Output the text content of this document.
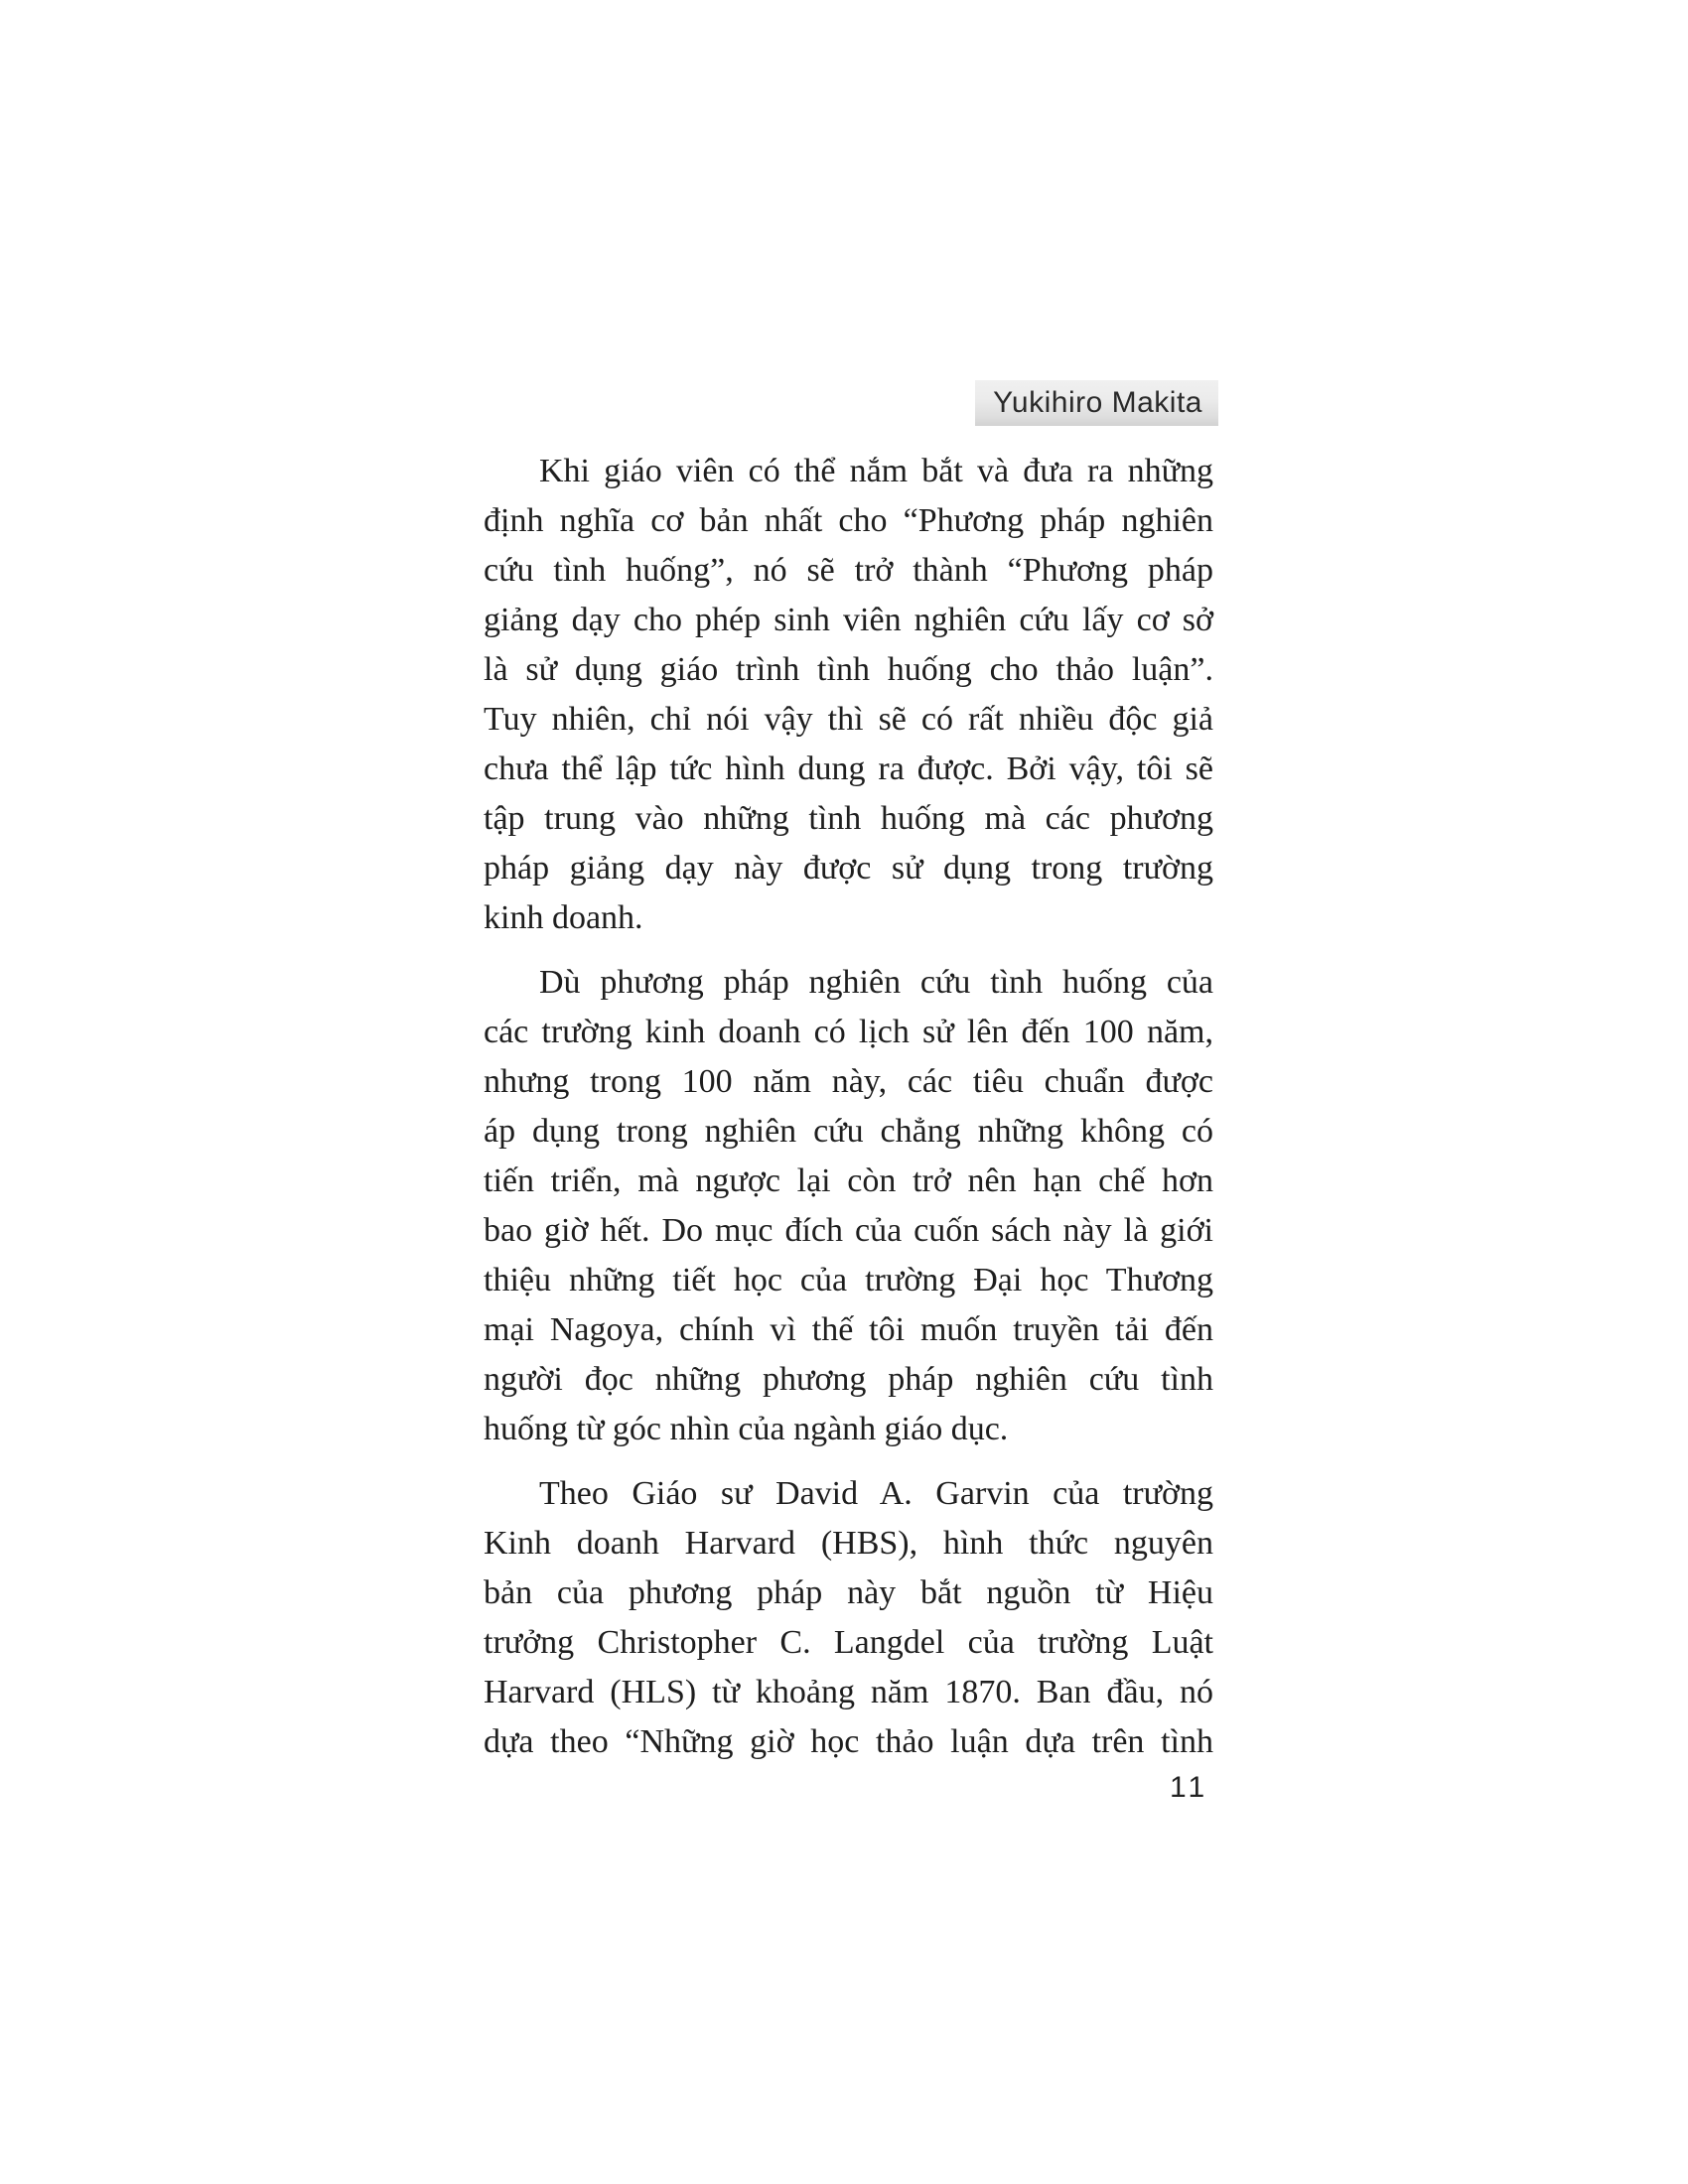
Yukihiro Makita
Khi giáo viên có thể nắm bắt và đưa ra những
định nghĩa cơ bản nhất cho “Phương pháp nghiên
cứu tình huống”, nó sẽ trở thành “Phương pháp
giảng dạy cho phép sinh viên nghiên cứu lấy cơ sở
là sử dụng giáo trình tình huống cho thảo luận”.
Tuy nhiên, chỉ nói vậy thì sẽ có rất nhiều độc giả
chưa thể lập tức hình dung ra được. Bởi vậy, tôi sẽ
tập trung vào những tình huống mà các phương
pháp giảng dạy này được sử dụng trong trường
kinh doanh.
Dù phương pháp nghiên cứu tình huống của
các trường kinh doanh có lịch sử lên đến 100 năm,
nhưng trong 100 năm này, các tiêu chuẩn được
áp dụng trong nghiên cứu chẳng những không có
tiến triển, mà ngược lại còn trở nên hạn chế hơn
bao giờ hết. Do mục đích của cuốn sách này là giới
thiệu những tiết học của trường Đại học Thương
mại Nagoya, chính vì thế tôi muốn truyền tải đến
người đọc những phương pháp nghiên cứu tình
huống từ góc nhìn của ngành giáo dục.
Theo Giáo sư David A. Garvin của trường
Kinh doanh Harvard (HBS), hình thức nguyên
bản của phương pháp này bắt nguồn từ Hiệu
trưởng Christopher C. Langdel của trường Luật
Harvard (HLS) từ khoảng năm 1870. Ban đầu, nó
dựa theo “Những giờ học thảo luận dựa trên tình
11
